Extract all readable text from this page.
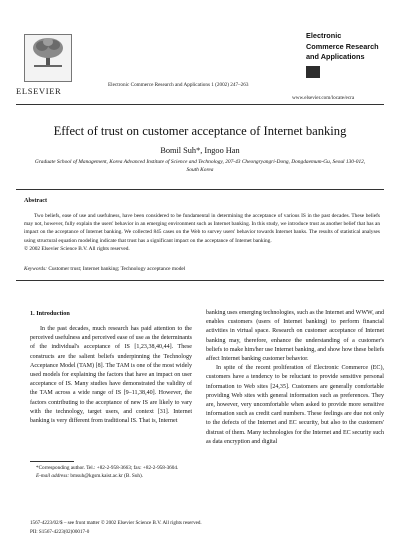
ELSEVIER
Electronic Commerce Research and Applications 1 (2002) 247–263
Electronic
Commerce Research
and Applications
www.elsevier.com/locate/ecra
Effect of trust on customer acceptance of Internet banking
Bomil Suh*, Ingoo Han
Graduate School of Management, Korea Advanced Institute of Science and Technology, 207-43 Cheongryangri-Dong, Dongdaemum-Gu, Seoul 130-012, South Korea
Abstract
Two beliefs, ease of use and usefulness, have been considered to be fundamental in determining the acceptance of various IS in the past decades. These beliefs may not, however, fully explain the users' behavior in an emerging environment such as Internet banking. In this study, we introduce trust as another belief that has an impact on the acceptance of Internet banking. We collected 845 cases on the Web to survey users' behavior towards Internet banks. The results of statistical analyses using structural equation modeling indicate that trust has a significant impact on the acceptance of Internet banking.
© 2002 Elsevier Science B.V. All rights reserved.
Keywords: Customer trust; Internet banking; Technology acceptance model
1. Introduction

In the past decades, much research has paid attention to the perceived usefulness and perceived ease of use as the determinants of the individual's acceptance of IS [1,23,38,40,44]. These constructs are the salient beliefs underpinning the Technology Acceptance Model (TAM) [8]. The TAM is one of the most widely used models for explaining the factors that have an impact on user acceptance of IS. Many studies have demonstrated the validity of the TAM across a wide range of IS [9–11,38,40]. However, the factors contributing to the acceptance of new IS are likely to vary with the technology, target users, and context [31]. Internet banking is very different from traditional IS. That is, Internet

*Corresponding author. Tel.: +82-2-958-3663; fax: +82-2-958-3604.
E-mail address: bmsuh@kgsm.kaist.ac.kr (B. Suh).

banking uses emerging technologies, such as the Internet and WWW, and enables customers (users of Internet banking) to perform financial activities in virtual space. Research on customer acceptance of Internet banking may, therefore, enhance the understanding of a customer's beliefs to make him/her use Internet banking, and show how these beliefs affect Internet banking customer behavior.

In spite of the recent proliferation of Electronic Commerce (EC), customers have a tendency to be reluctant to provide sensitive personal information to Web sites [24,35]. Customers are generally comfortable providing Web sites with general information such as preferences. They are, however, very uncomfortable when asked to provide more sensitive information such as credit card numbers. These feelings are due not only to the defects of the Internet and EC security, but also to the customers' distrust of them. Many technologies for the Internet and EC security such as data encryption and digital

1567-4223/02/$ – see front matter © 2002 Elsevier Science B.V. All rights reserved.
PII: S1567-4223(02)00017-0
